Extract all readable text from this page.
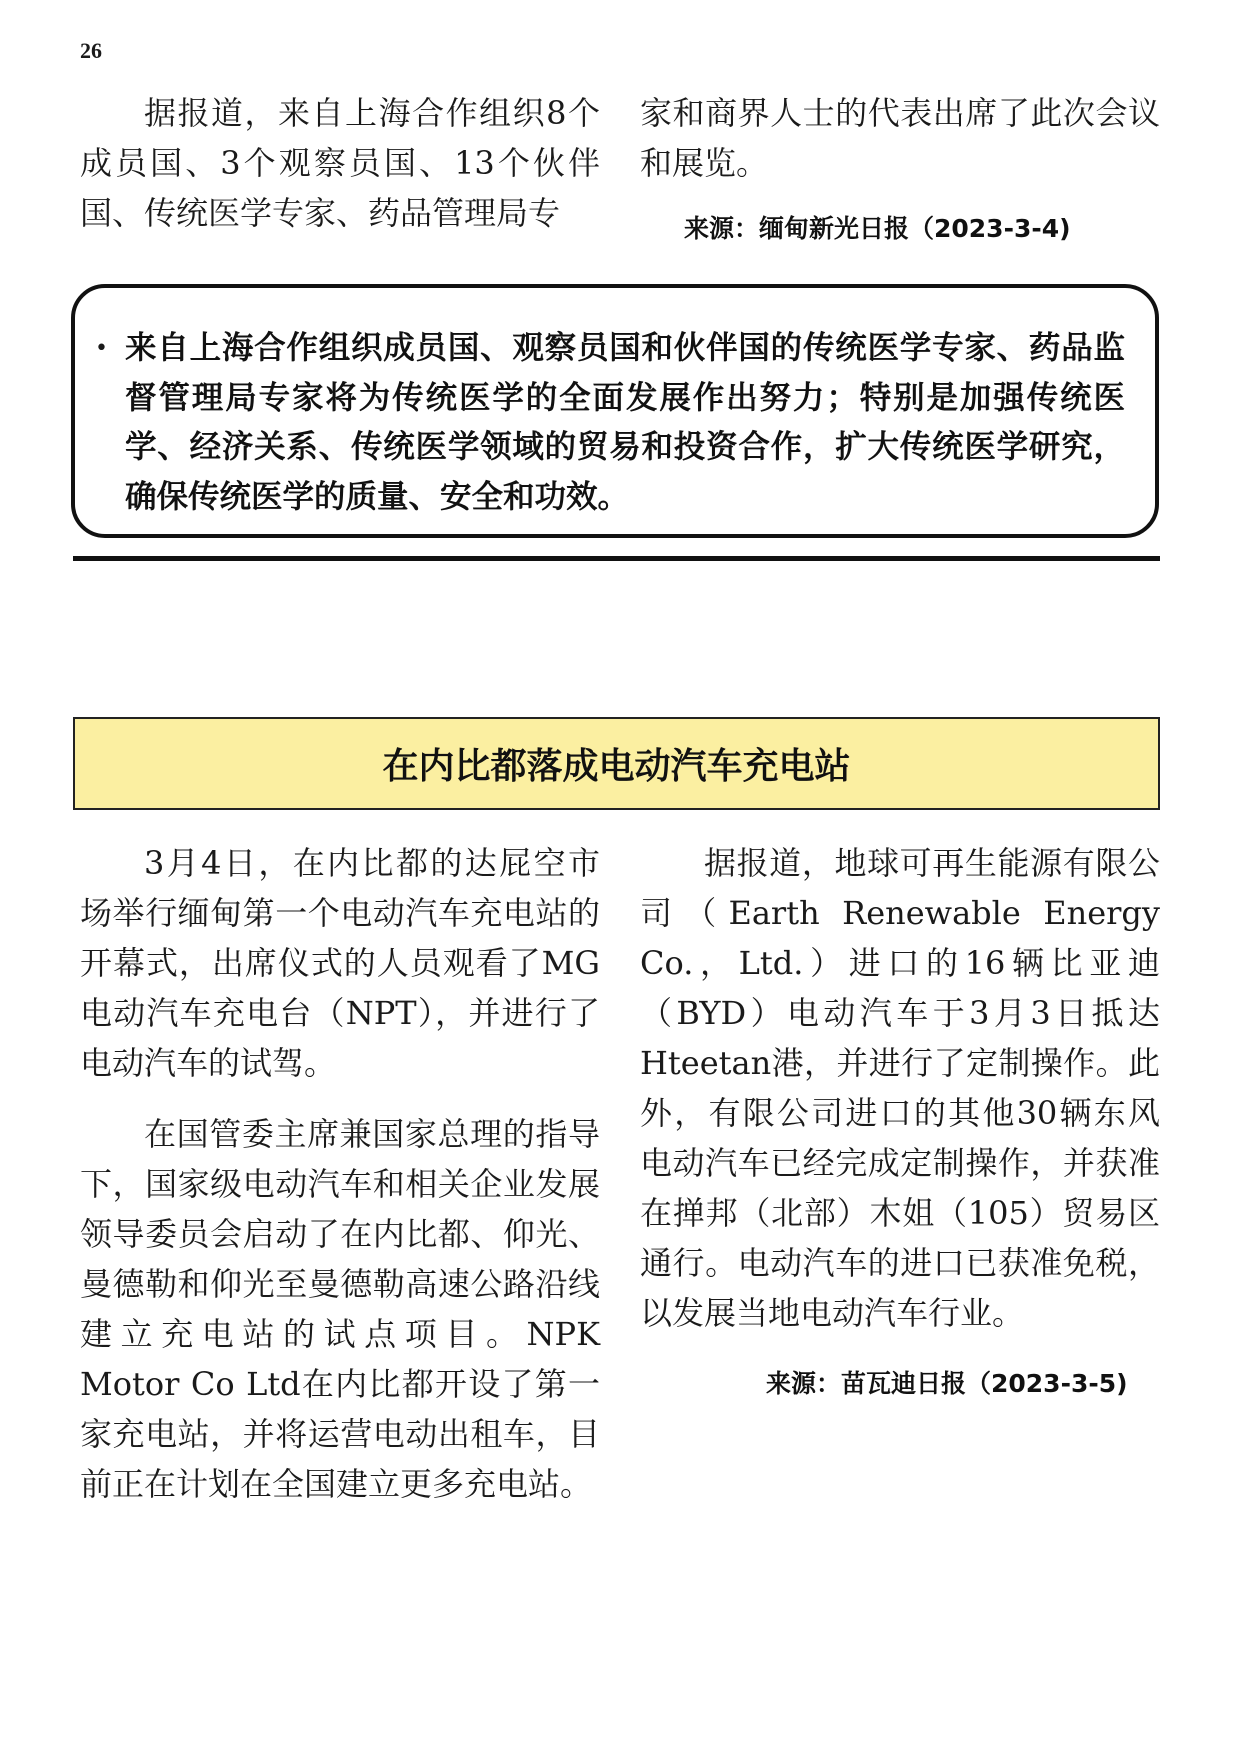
26

据报道，来自上海合作组织8个成员国、3个观察员国、13个伙伴国、传统医学专家、药品管理局专

家和商界人士的代表出席了此次会议和展览。

来源：缅甸新光日报（2023-3-4)
• 来自上海合作组织成员国、观察员国和伙伴国的传统医学专家、药品监督管理局专家将为传统医学的全面发展作出努力；特别是加强传统医学、经济关系、传统医学领域的贸易和投资合作，扩大传统医学研究，确保传统医学的质量、安全和功效。

在内比都落成电动汽车充电站

3月4日，在内比都的达屁空市场举行缅甸第一个电动汽车充电站的开幕式，出席仪式的人员观看了MG电动汽车充电台（NPT），并进行了电动汽车的试驾。

在国管委主席兼国家总理的指导下，国家级电动汽车和相关企业发展领导委员会启动了在内比都、仰光、曼德勒和仰光至曼德勒高速公路沿线建立充电站的试点项目。NPK Motor Co Ltd在内比都开设了第一家充电站，并将运营电动出租车，目前正在计划在全国建立更多充电站。

据报道，地球可再生能源有限公司（Earth Renewable Energy Co.，Ltd.）进口的16辆比亚迪（BYD）电动汽车于3月3日抵达Hteetan港，并进行了定制操作。此外，有限公司进口的其他30辆东风电动汽车已经完成定制操作，并获准在掸邦（北部）木姐（105）贸易区通行。电动汽车的进口已获准免税，以发展当地电动汽车行业。

来源：苗瓦迪日报（2023-3-5)
